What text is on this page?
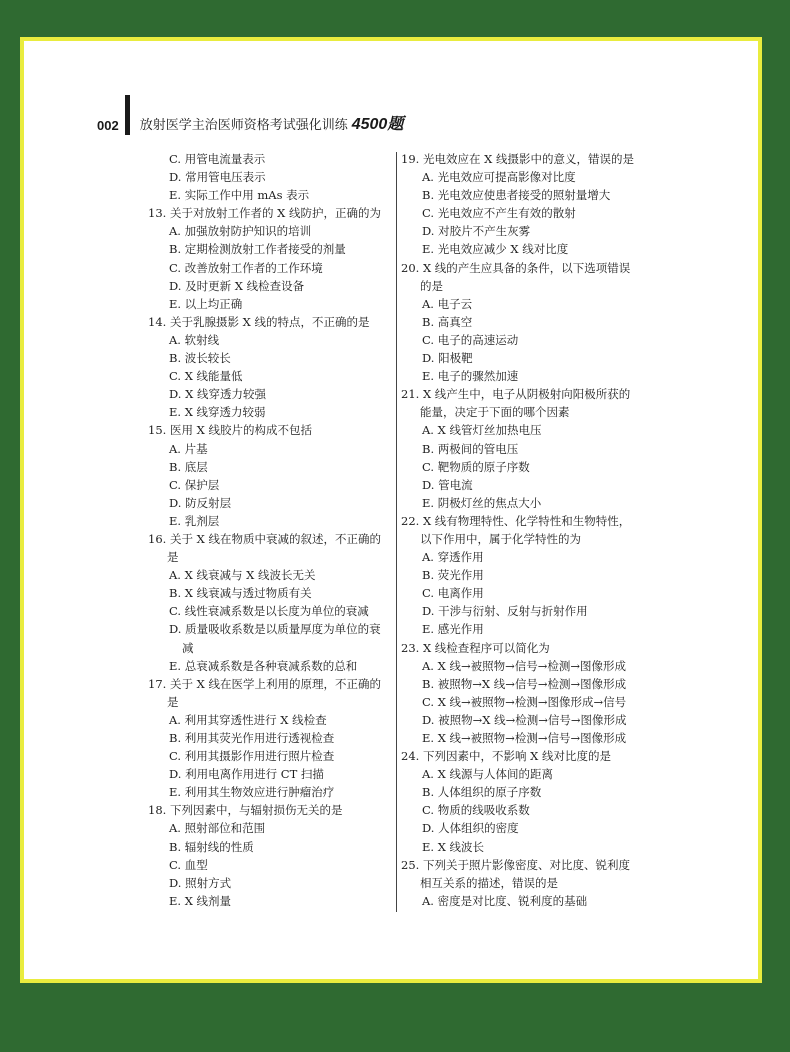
002 放射医学主治医师资格考试强化训练 4500题
C. 用管电流量表示
D. 常用管电压表示
E. 实际工作中用 mAs 表示
13. 关于对放射工作者的 X 线防护，正确的为
A. 加强放射防护知识的培训
B. 定期检测放射工作者接受的剂量
C. 改善放射工作者的工作环境
D. 及时更新 X 线检查设备
E. 以上均正确
14. 关于乳腺摄影 X 线的特点，不正确的是
A. 软射线
B. 波长较长
C. X 线能量低
D. X 线穿透力较强
E. X 线穿透力较弱
15. 医用 X 线胶片的构成不包括
A. 片基
B. 底层
C. 保护层
D. 防反射层
E. 乳剂层
16. 关于 X 线在物质中衰减的叙述，不正确的
是
A. X 线衰减与 X 线波长无关
B. X 线衰减与透过物质有关
C. 线性衰减系数是以长度为单位的衰减
D. 质量吸收系数是以质量厚度为单位的衰
减
E. 总衰减系数是各种衰减系数的总和
17. 关于 X 线在医学上利用的原理，不正确的
是
A. 利用其穿透性进行 X 线检查
B. 利用其荧光作用进行透视检查
C. 利用其摄影作用进行照片检查
D. 利用电离作用进行 CT 扫描
E. 利用其生物效应进行肿瘤治疗
18. 下列因素中，与辐射损伤无关的是
A. 照射部位和范围
B. 辐射线的性质
C. 血型
D. 照射方式
E. X 线剂量
19. 光电效应在 X 线摄影中的意义，错误的是
A. 光电效应可提高影像对比度
B. 光电效应使患者接受的照射量增大
C. 光电效应不产生有效的散射
D. 对胶片不产生灰雾
E. 光电效应减少 X 线对比度
20. X 线的产生应具备的条件，以下选项错误
的是
A. 电子云
B. 高真空
C. 电子的高速运动
D. 阳极靶
E. 电子的骤然加速
21. X 线产生中，电子从阴极射向阳极所获的
能量，决定于下面的哪个因素
A. X 线管灯丝加热电压
B. 两极间的管电压
C. 靶物质的原子序数
D. 管电流
E. 阴极灯丝的焦点大小
22. X 线有物理特性、化学特性和生物特性，
以下作用中，属于化学特性的为
A. 穿透作用
B. 荧光作用
C. 电离作用
D. 干涉与衍射、反射与折射作用
E. 感光作用
23. X 线检查程序可以简化为
A. X 线→被照物→信号→检测→图像形成
B. 被照物→X 线→信号→检测→图像形成
C. X 线→被照物→检测→图像形成→信号
D. 被照物→X 线→检测→信号→图像形成
E. X 线→被照物→检测→信号→图像形成
24. 下列因素中，不影响 X 线对比度的是
A. X 线源与人体间的距离
B. 人体组织的原子序数
C. 物质的线吸收系数
D. 人体组织的密度
E. X 线波长
25. 下列关于照片影像密度、对比度、锐利度
相互关系的描述，错误的是
A. 密度是对比度、锐利度的基础
